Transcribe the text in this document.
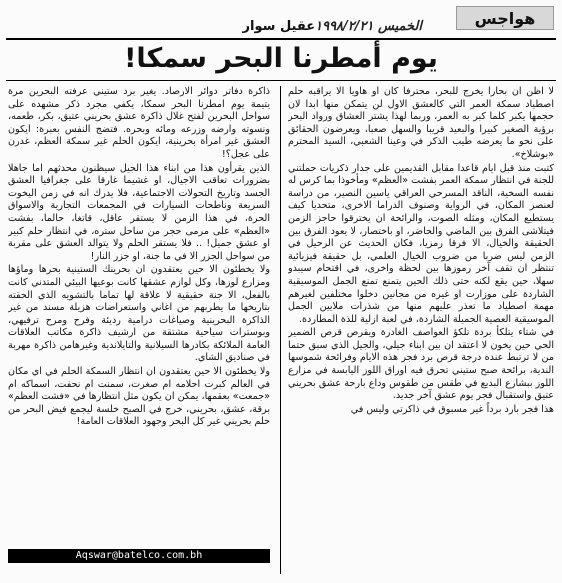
هواجس
الخميس ١٩٩٨/٢/٢١
عقيل سوار
يوم أمطرنا البحر سمكا!

لا اظن ان بحارا يخرج للبحر، محترفا كان او هاويا الا يراقبه حلم اصطياد سمكة العمر التي كالعشق الاول لن يتمكن منها ابدا لان حجمها يكبر كلما كبر به العمر، وربما لهذا يشتر العشاق ورواد البحر برؤية الصغير كبيرا والبعيد قريبا والسهل صعبا، ويعرضون الحقائق على نحو ما يعرضه طيب الذكر في وعينا الشعبي، السيد المحترم «بوشلاخ».

كتبت منذ قبل ايام قاعدا مقابل القديمين على جدار ذكريات حملتني للجنة في انتظار سمكة العمر بفشت «العظم» ومأخوذا بما كرس له نفسه السخية، الناقد المسرحي العراقي ياسين النصير، من دراسة لعنصر المكان، في الرواية وصنوف الدراما الاخرى، متحديا كيف يستطيع المكان، ومثله الصوت، والرائحة ان يخترقوا حاجز الزمن فيتلاشى الفرق بين الماضي والحاضر، او باختصار، لا يعود الفرق بين الحقيقة والخيال، الا فرقا رمزيا، فكان الحديث عن الرحيل في الزمن ليس ضربا من ضروب الخيال العلمي، بل حقيقة فيزيائية تنتظر ان تقف آخر رموزها بين لحظة واخرى، في اقتحام سيبدو سهلا، حين يقع لكنه حتى ذلك الحين يتمنع تمنع الجمل الموسيقية الشاردة على موزارت او غيره من مجانين دخلوا مختلفين لغيرهم مهمة اصطياد ما تعذر عليهم منها من شذرات ملايين الجمل الموسيقية العصية الجميلة الشاردة، في لعبة ازلية للذة المطاردة.

في شتاء يتلكأ بردة تلكؤ العواصف الغادرة ويقرص قرص الضمير الحي حين يخون لا اعتقد ان بين ابناء جيلي، والجيل الذي سبق حتما من لا ترتبط عنده درجة قرص برد فجر هذه الايام وفرائحة شموسها الندية، برائحة صبح ستيني تحرق فيه اوراق اللوز اليابسة في مزارع اللوز ببشارع البديع في طقس من طقوس وداع بارحة عشق بحريني عتيق واستقبال فجر يوم عشق آخر جديد.

هذا فجر بارد برداً غير مسبوق في ذاكرتي وليس في

ذاكرة دفاتر دوائر الارصاد. يغير برد ستيني عرفته البحرين مرة يتيمة يوم امطرنا البحر سمكا، يكفي مجرد ذكر مشهده على سواحل البحرين لفتح غلال ذاكرة عشق بحريني عتيق، بكر، طعمه، ونسوته وارضه وزرعه ومائه وبحره. فتضج النفس بعبرة: ايكون العشق غير امرأة بحرينية، ايكون الحلم غير سمكة العظم، غدرن على عجل؟!

الذين يقرأون هذا من ابناء هذا الجيل سيظنون محدثهم اما جاهلا بضرورات تعاقب الاجيال، او غشيما غارقا على جغرافيا العشق الجسد وتاريخ التحولات الاجتماعية، فلا يدرك انه في زمن اليخوت السريعة وناطحات السيارات في المجمعات التجارية والاسواق الحرة، في هذا الزمن لا يستقر عاقل، قاتغا، حالما، بفشت «العظم» على مرمى حجر من ساحل ستره، في انتظار حلم كبير او عشق جميل! .. فلا يستقر الحلم ولا يتوالد العشق على مقربة من سواحل الجزر الا في ما جنة، او جزر النار!

ولا يخطئون الا حين يعتقدون ان بحرينك الستينية بحرها وماؤها ومزارع لوزها، وكل لوازم عشقها كانت بوعيها البيئي المتدني كانت بالفعل، الا جنة حقيقية لا علاقة لها تماما بالتشويه الذي الحقته بتاريخها ما يطربهم من اغاني واستعراضات هزيلة مسند من غير الذاكرة البحرينية وصياغات درامية رديئة وفرح ومرح ترفيهي، وبوسترات سياحية مشتقة من ارشيف ذاكرة مكاتب العلاقات العامة الملائكة بكادرها السيلانية والتايلاندية وغيرهامن ذاكرة مهربة في صناديق الشاي.

ولا يخطئون الا حين يعتقدون ان انتظار السمكة الحلم في اي مكان في العالم كبرت احلامه ام صغرت، سمنت ام نحفت، اسماكه ام «جمعت» بعقمها، يمكن ان يكون مثل انتظارها في «فشت العظم» برقة، عشق، بحريني، خرج في الصبح خلسة ليجمع فيض البحر من حلم بحريني غير كل البحر وجهود العلاقات العامة!

Aqswar@batelco.com.bh
